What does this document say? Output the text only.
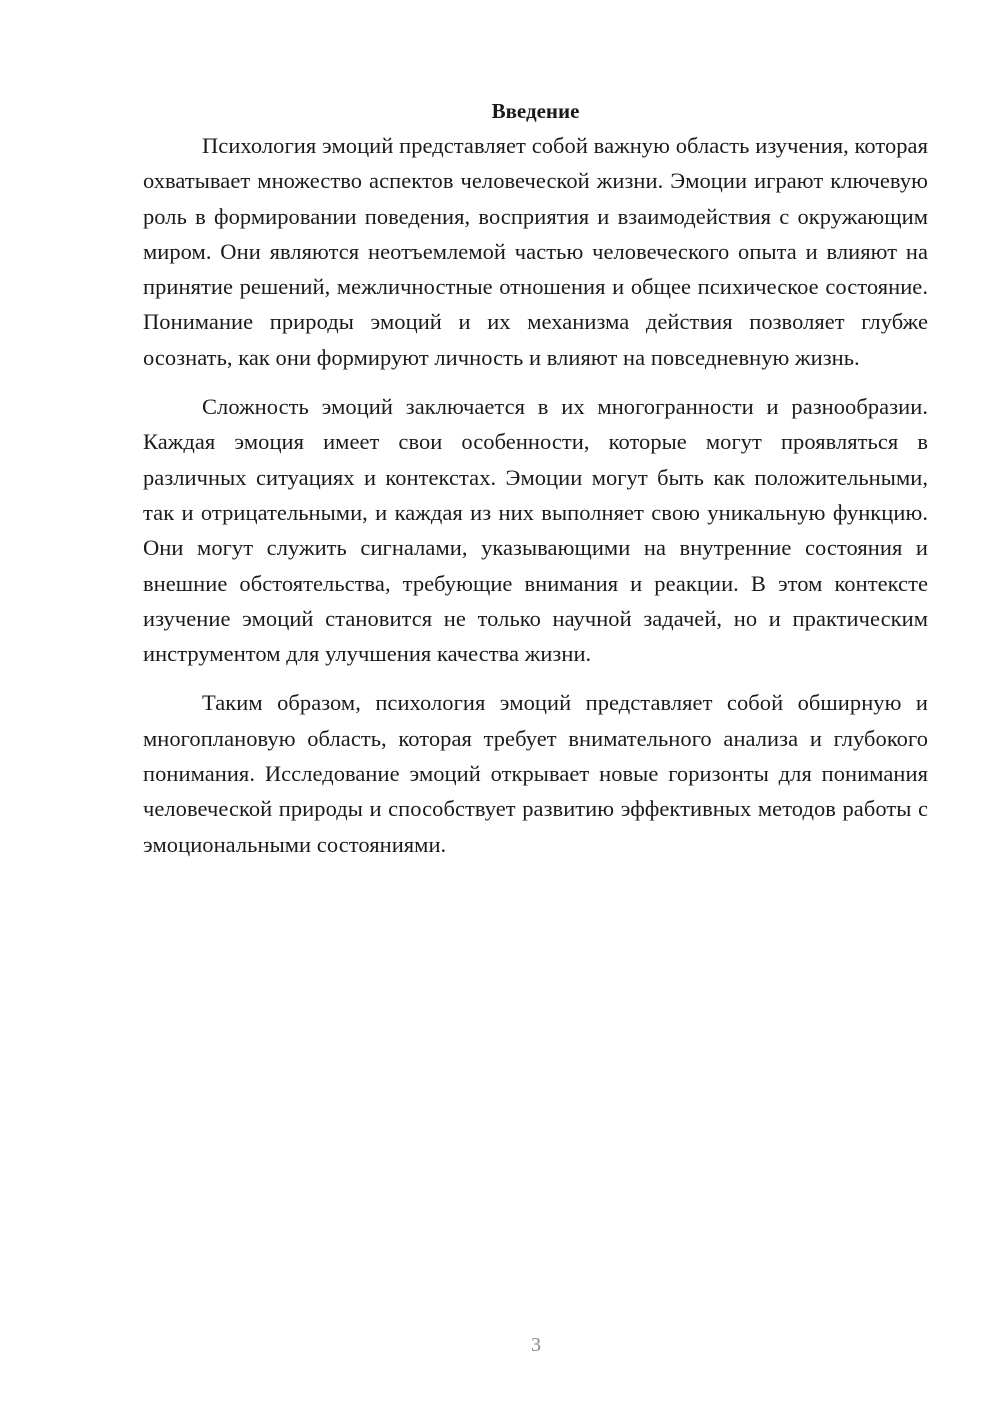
Введение

Психология эмоций представляет собой важную область изучения, которая охватывает множество аспектов человеческой жизни. Эмоции играют ключевую роль в формировании поведения, восприятия и взаимодействия с окружающим миром. Они являются неотъемлемой частью человеческого опыта и влияют на принятие решений, межличностные отношения и общее психическое состояние. Понимание природы эмоций и их механизма действия позволяет глубже осознать, как они формируют личность и влияют на повседневную жизнь.

Сложность эмоций заключается в их многогранности и разнообразии. Каждая эмоция имеет свои особенности, которые могут проявляться в различных ситуациях и контекстах. Эмоции могут быть как положительными, так и отрицательными, и каждая из них выполняет свою уникальную функцию. Они могут служить сигналами, указывающими на внутренние состояния и внешние обстоятельства, требующие внимания и реакции. В этом контексте изучение эмоций становится не только научной задачей, но и практическим инструментом для улучшения качества жизни.

Таким образом, психология эмоций представляет собой обширную и многоплановую область, которая требует внимательного анализа и глубокого понимания. Исследование эмоций открывает новые горизонты для понимания человеческой природы и способствует развитию эффективных методов работы с эмоциональными состояниями.

3
